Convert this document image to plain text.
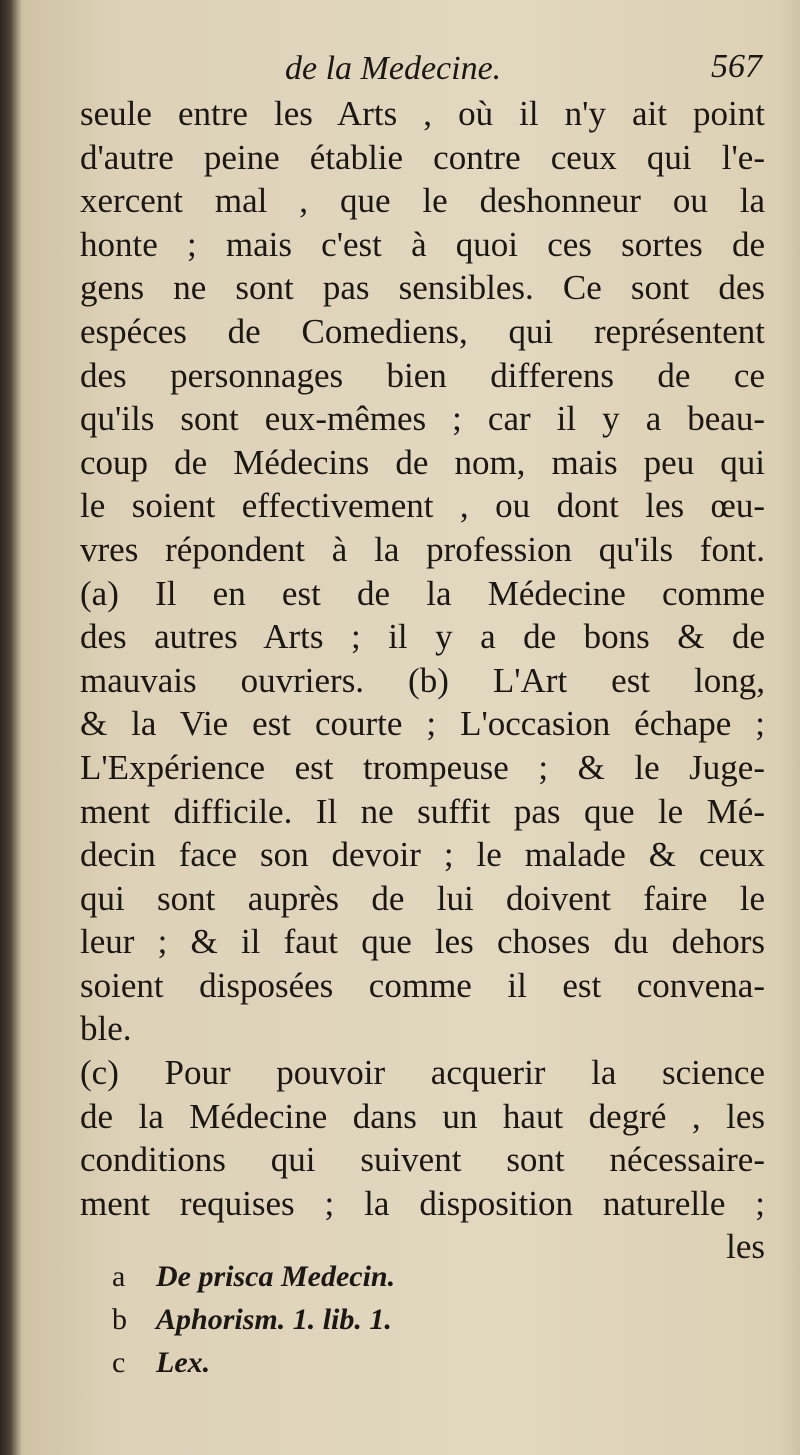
de la Medecine.	567
seule entre les Arts , où il n'y ait point
d'autre peine établie contre ceux qui l'e-
xercent mal , que le deshonneur ou la
honte ; mais c'est à quoi ces sortes de
gens ne sont pas sensibles. Ce sont des
espéces de Comediens, qui représentent
des personnages bien differens de ce
qu'ils sont eux-mêmes ; car il y a beau-
coup de Médecins de nom, mais peu qui
le soient effectivement , ou dont les œu-
vres répondent à la profession qu'ils font.
(a) Il en est de la Médecine comme
des autres Arts ; il y a de bons & de
mauvais ouvriers. (b) L'Art est long,
& la Vie est courte ; L'occasion échape ;
L'Expérience est trompeuse ; & le Juge-
ment difficile. Il ne suffit pas que le Mé-
decin face son devoir ; le malade & ceux
qui sont auprès de lui doivent faire le
leur ; & il faut que les choses du dehors
soient disposées comme il est convena-
ble.
(c) Pour pouvoir acquerir la science
de la Médecine dans un haut degré , les
conditions qui suivent sont nécessaire-
ment requises ; la disposition naturelle ;
les
a De prisca Medecin.
b Aphorism. 1. lib. 1.
c Lex.
